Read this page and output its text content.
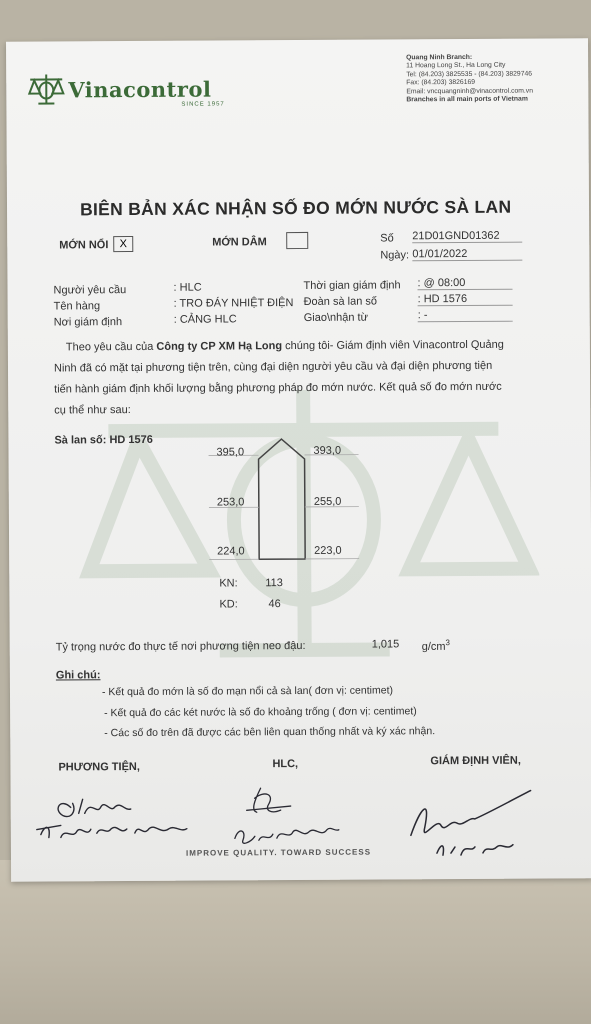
Vinacontrol
SINCE 1957
Quang Ninh Branch:
11 Hoang Long St., Ha Long City
Tel: (84.203) 3825535 - (84.203) 3829746
Fax: (84.203) 3826169
Email: vncquangninh@vinacontrol.com.vn
Branches in all main ports of Vietnam
BIÊN BẢN XÁC NHẬN SỐ ĐO MỚN NƯỚC SÀ LAN
MỚN NỔI	X	MỚN DÂM	Số 21D01GND01362
Ngày: 01/01/2022
Người yêu cầu	: HLC
Tên hàng	: TRO ĐÁY NHIỆT ĐIỆN
Nơi giám định	: CẢNG HLC
Thời gian giám định : @ 08:00
Đoàn sà lan số	: HD 1576
Giao\nhận từ	: -
Theo yêu cầu của Công ty CP XM Hạ Long chúng tôi- Giám định viên Vinacontrol Quảng
Ninh đã có mặt tại phương tiện trên, cùng đại diện người yêu cầu và đại diện phương tiện
tiến hành giám định khối lượng bằng phương pháp đo mớn nước. Kết quả số đo mớn nước
cụ thể như sau:
Sà lan số: HD 1576
395,0	393,0
253,0	255,0
224,0	223,0
KN:	113
KD:	46
Tỷ trọng nước đo thực tế nơi phương tiện neo đậu:	1,015 $g/cm^3$
Ghi chú:
- Kết quả đo mớn là số đo mạn nổi cả sà lan( đơn vị: centimet)
- Kết quả đo các két nước là số đo khoảng trống ( đơn vị: centimet)
- Các số đo trên đã được các bên liên quan thống nhất và ký xác nhận.
PHƯƠNG TIỆN,	HLC,	GIÁM ĐỊNH VIÊN,
IMPROVE QUALITY. TOWARD SUCCESS
